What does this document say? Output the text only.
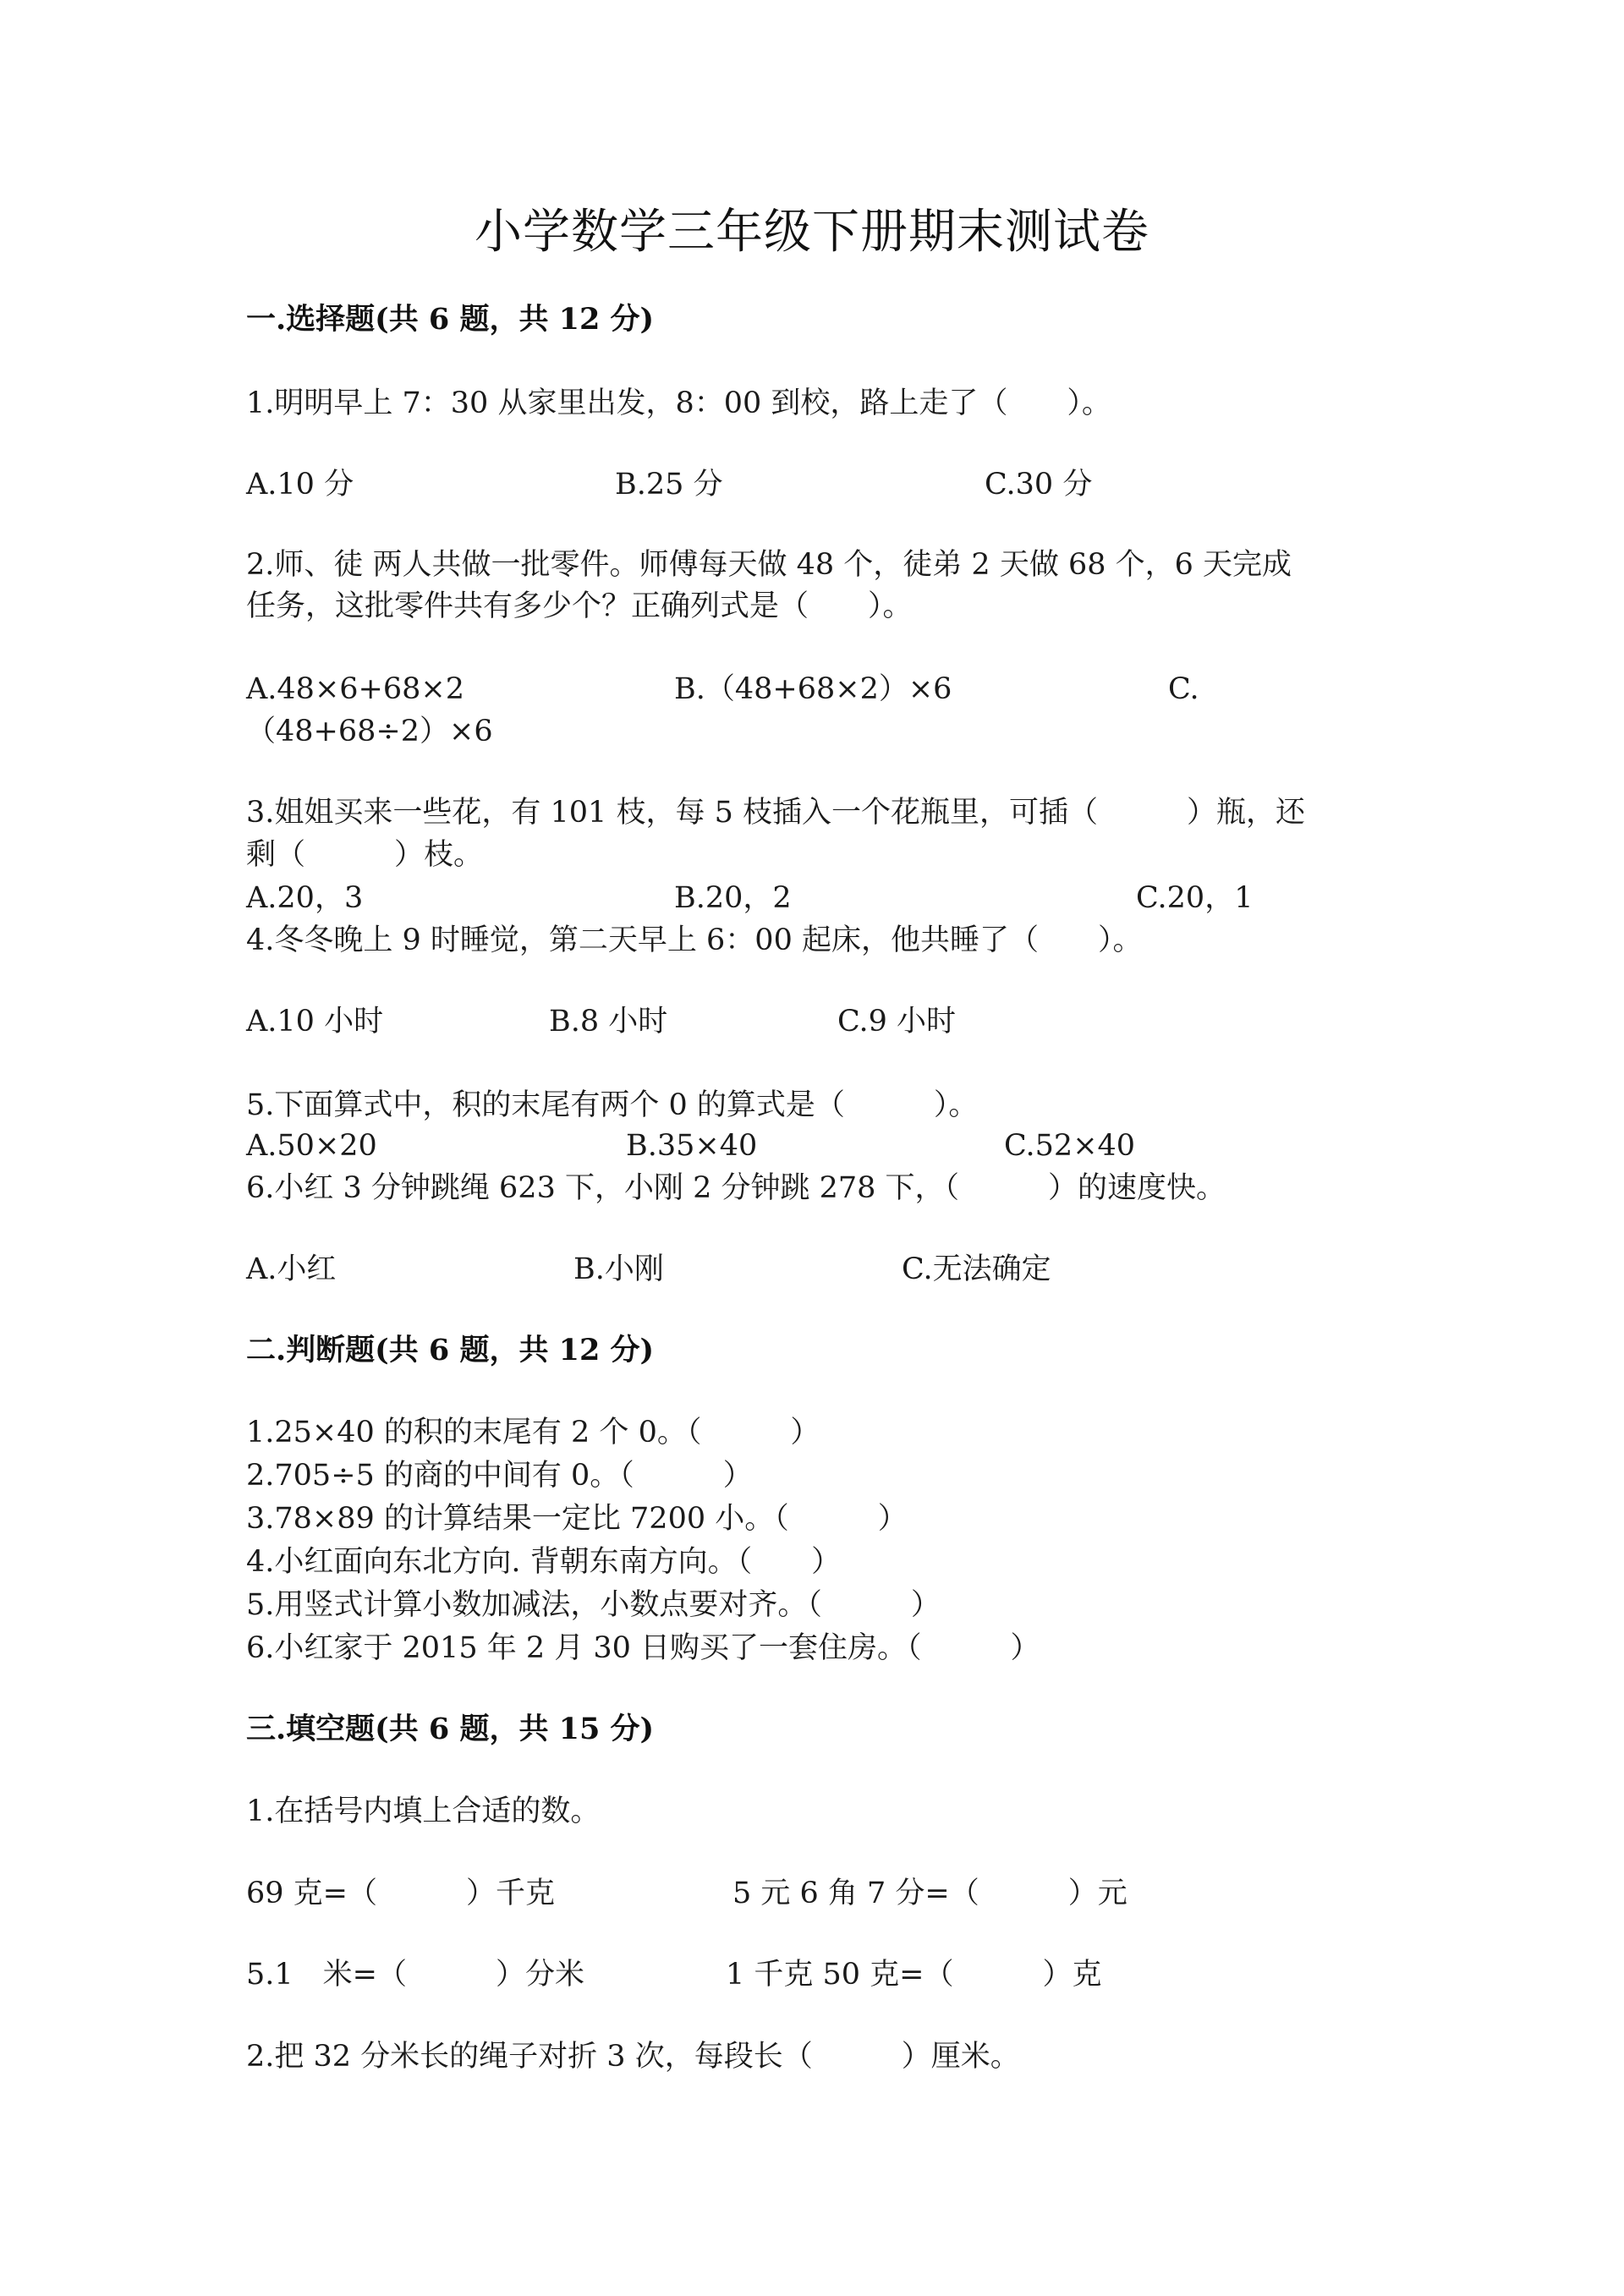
小学数学三年级下册期末测试卷
一.选择题(共 6 题，共 12 分)
1.明明早上 7：30 从家里出发，8：00 到校，路上走了（　　）。
A.10 分	B.25 分	C.30 分
2.师、徒 两人共做一批零件。师傅每天做 48 个，徒弟 2 天做 68 个，6 天完成
任务，这批零件共有多少个？正确列式是（　　）。
A.48×6+68×2	B.（48+68×2）×6	C.
（48+68÷2）×6
3.姐姐买来一些花，有 101 枝，每 5 枝插入一个花瓶里，可插（　　　）瓶，还
剩（　　　）枝。
A.20，3	B.20，2	C.20，1
4.冬冬晚上 9 时睡觉，第二天早上 6：00 起床，他共睡了（　　）。
A.10 小时	B.8 小时	C.9 小时
5.下面算式中，积的末尾有两个 0 的算式是（　　　）。
A.50×20	B.35×40	C.52×40
6.小红 3 分钟跳绳 623 下，小刚 2 分钟跳 278 下，（　　　）的速度快。
A.小红	B.小刚	C.无法确定
二.判断题(共 6 题，共 12 分)
1.25×40 的积的末尾有 2 个 0。（　　　）
2.705÷5 的商的中间有 0。（　　　）
3.78×89 的计算结果一定比 7200 小。（　　　）
4.小红面向东北方向. 背朝东南方向。（　　）
5.用竖式计算小数加减法，小数点要对齐。（　　　）
6.小红家于 2015 年 2 月 30 日购买了一套住房。（　　　）
三.填空题(共 6 题，共 15 分)
1.在括号内填上合适的数。
69 克=（　　　）千克	5 元 6 角 7 分=（　　　）元
5.1　米=（　　　）分米	1 千克 50 克=（　　　）克
2.把 32 分米长的绳子对折 3 次，每段长（　　　）厘米。
